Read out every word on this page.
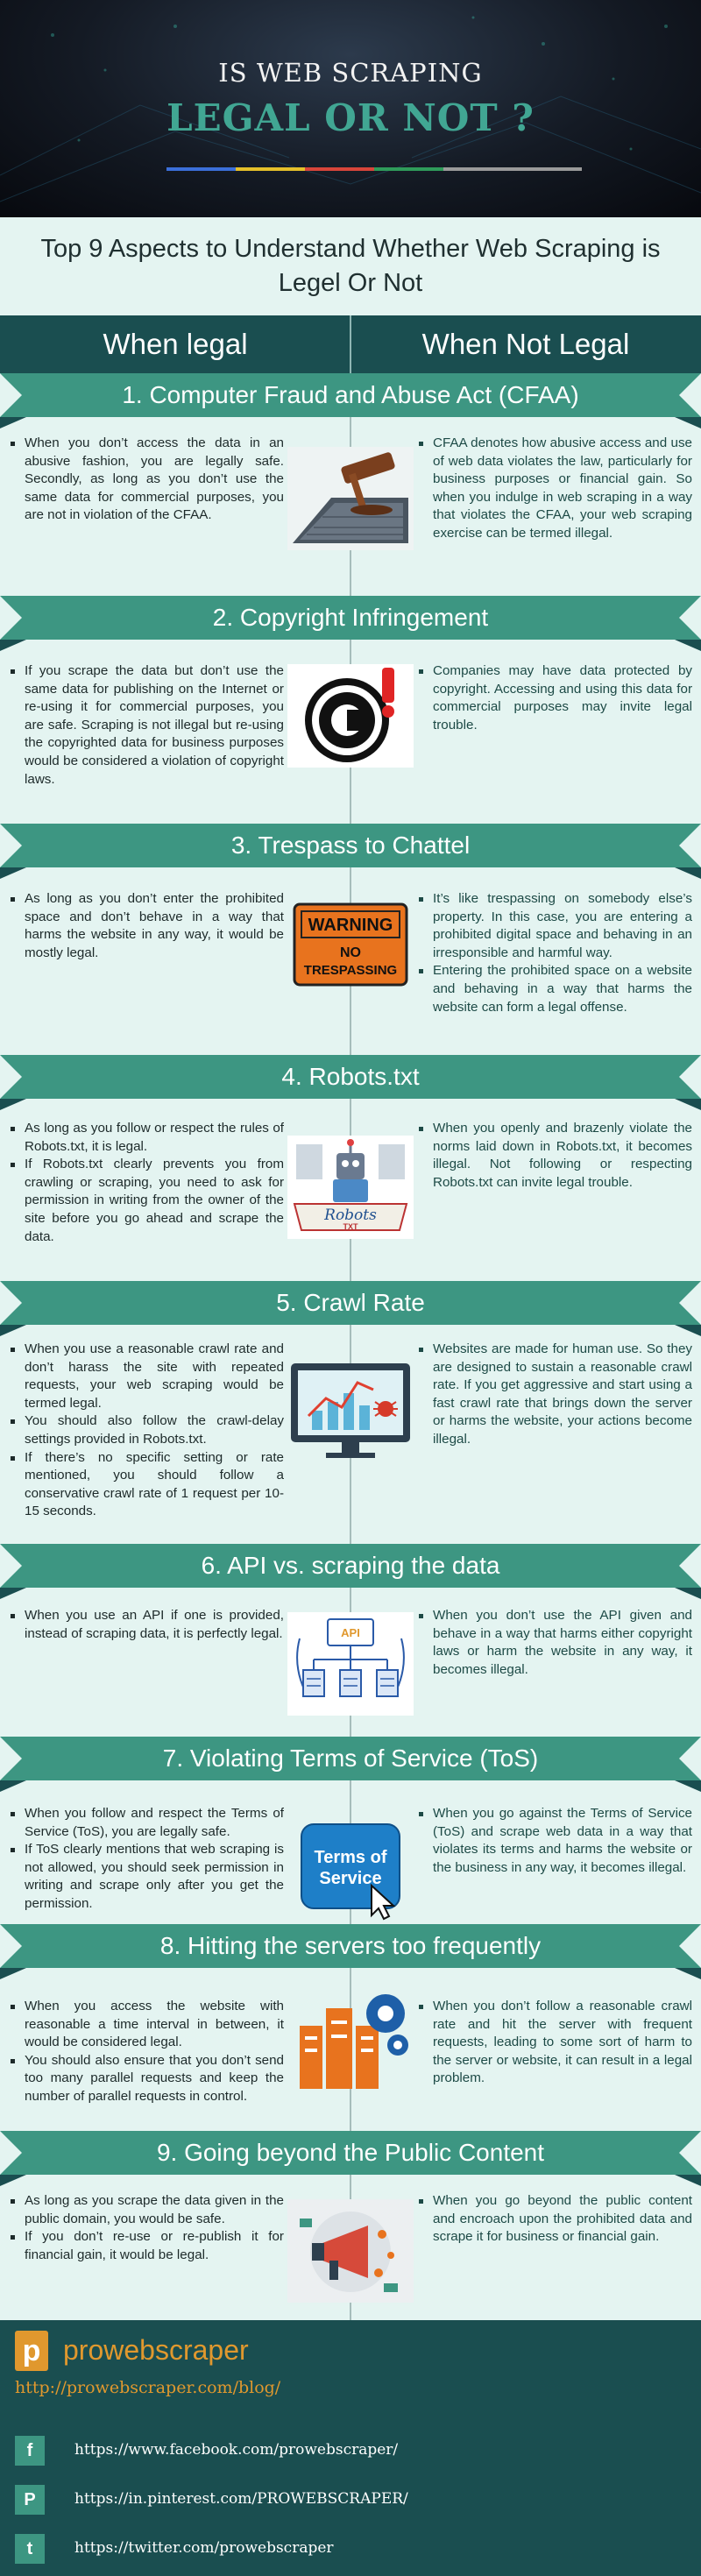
IS WEB SCRAPING
LEGAL OR NOT ?
Top 9 Aspects to Understand Whether Web Scraping is Legel Or Not
When legal	When Not Legal
1. Computer Fraud and Abuse Act (CFAA)
When you don’t access the data in an abusive fashion, you are legally safe. Secondly, as long as you don’t use the same data for commercial purposes, you are not in violation of the CFAA.
CFAA denotes how abusive access and use of web data violates the law, particularly for business purposes or financial gain. So when you indulge in web scraping in a way that violates the CFAA, your web scraping exercise can be termed illegal.
2. Copyright Infringement
If you scrape the data but don’t use the same data for publishing on the Internet or re-using it for commercial purposes, you are safe. Scraping is not illegal but re-using the copyrighted data for business purposes would be considered a violation of copyright laws.
Companies may have data protected by copyright. Accessing and using this data for commercial purposes may invite legal trouble.
3. Trespass to Chattel
As long as you don’t enter the prohibited space and don’t behave in a way that harms the website in any way, it would be mostly legal.
It’s like trespassing on somebody else’s property. In this case, you are entering a prohibited digital space and behaving in an irresponsible and harmful way.
Entering the prohibited space on a website and behaving in a way that harms the website can form a legal offense.
4. Robots.txt
As long as you follow or respect the rules of Robots.txt, it is legal.
If Robots.txt clearly prevents you from crawling or scraping, you need to ask for permission in writing from the owner of the site before you go ahead and scrape the data.
When you openly and brazenly violate the norms laid down in Robots.txt, it becomes illegal. Not following or respecting Robots.txt can invite legal trouble.
5. Crawl Rate
When you use a reasonable crawl rate and don’t harass the site with repeated requests, your web scraping would be termed legal.
You should also follow the crawl-delay settings provided in Robots.txt.
If there’s no specific setting or rate mentioned, you should follow a conservative crawl rate of 1 request per 10-15 seconds.
Websites are made for human use. So they are designed to sustain a reasonable crawl rate. If you get aggressive and start using a fast crawl rate that brings down the server or harms the website, your actions become illegal.
6. API vs. scraping the data
When you use an API if one is provided, instead of scraping data, it is perfectly legal.
When you don’t use the API given and behave in a way that harms either copyright laws or harm the website in any way, it becomes illegal.
7. Violating Terms of Service (ToS)
When you follow and respect the Terms of Service (ToS), you are legally safe.
If ToS clearly mentions that web scraping is not allowed, you should seek permission in writing and scrape only after you get the permission.
When you go against the Terms of Service (ToS) and scrape web data in a way that violates its terms and harms the website or the business in any way, it becomes illegal.
8. Hitting the servers too frequently
When you access the website with reasonable a time interval in between, it would be considered legal.
You should also ensure that you don’t send too many parallel requests and keep the number of parallel requests in control.
When you don’t follow a reasonable crawl rate and hit the server with frequent requests, leading to some sort of harm to the server or website, it can result in a legal problem.
9. Going beyond the Public Content
As long as you scrape the data given in the public domain, you would be safe.
If you don’t re-use or re-publish it for financial gain, it would be legal.
When you go beyond the public content and encroach upon the prohibited data and scrape it for business or financial gain.
WARNING
NO
TRESPASSING
Robots
TXT
API
Terms of
Service
p prowebscraper
http://prowebscraper.com/blog/
f	https://www.facebook.com/prowebscraper/
P	https://in.pinterest.com/PROWEBSCRAPER/
t	https://twitter.com/prowebscraper
